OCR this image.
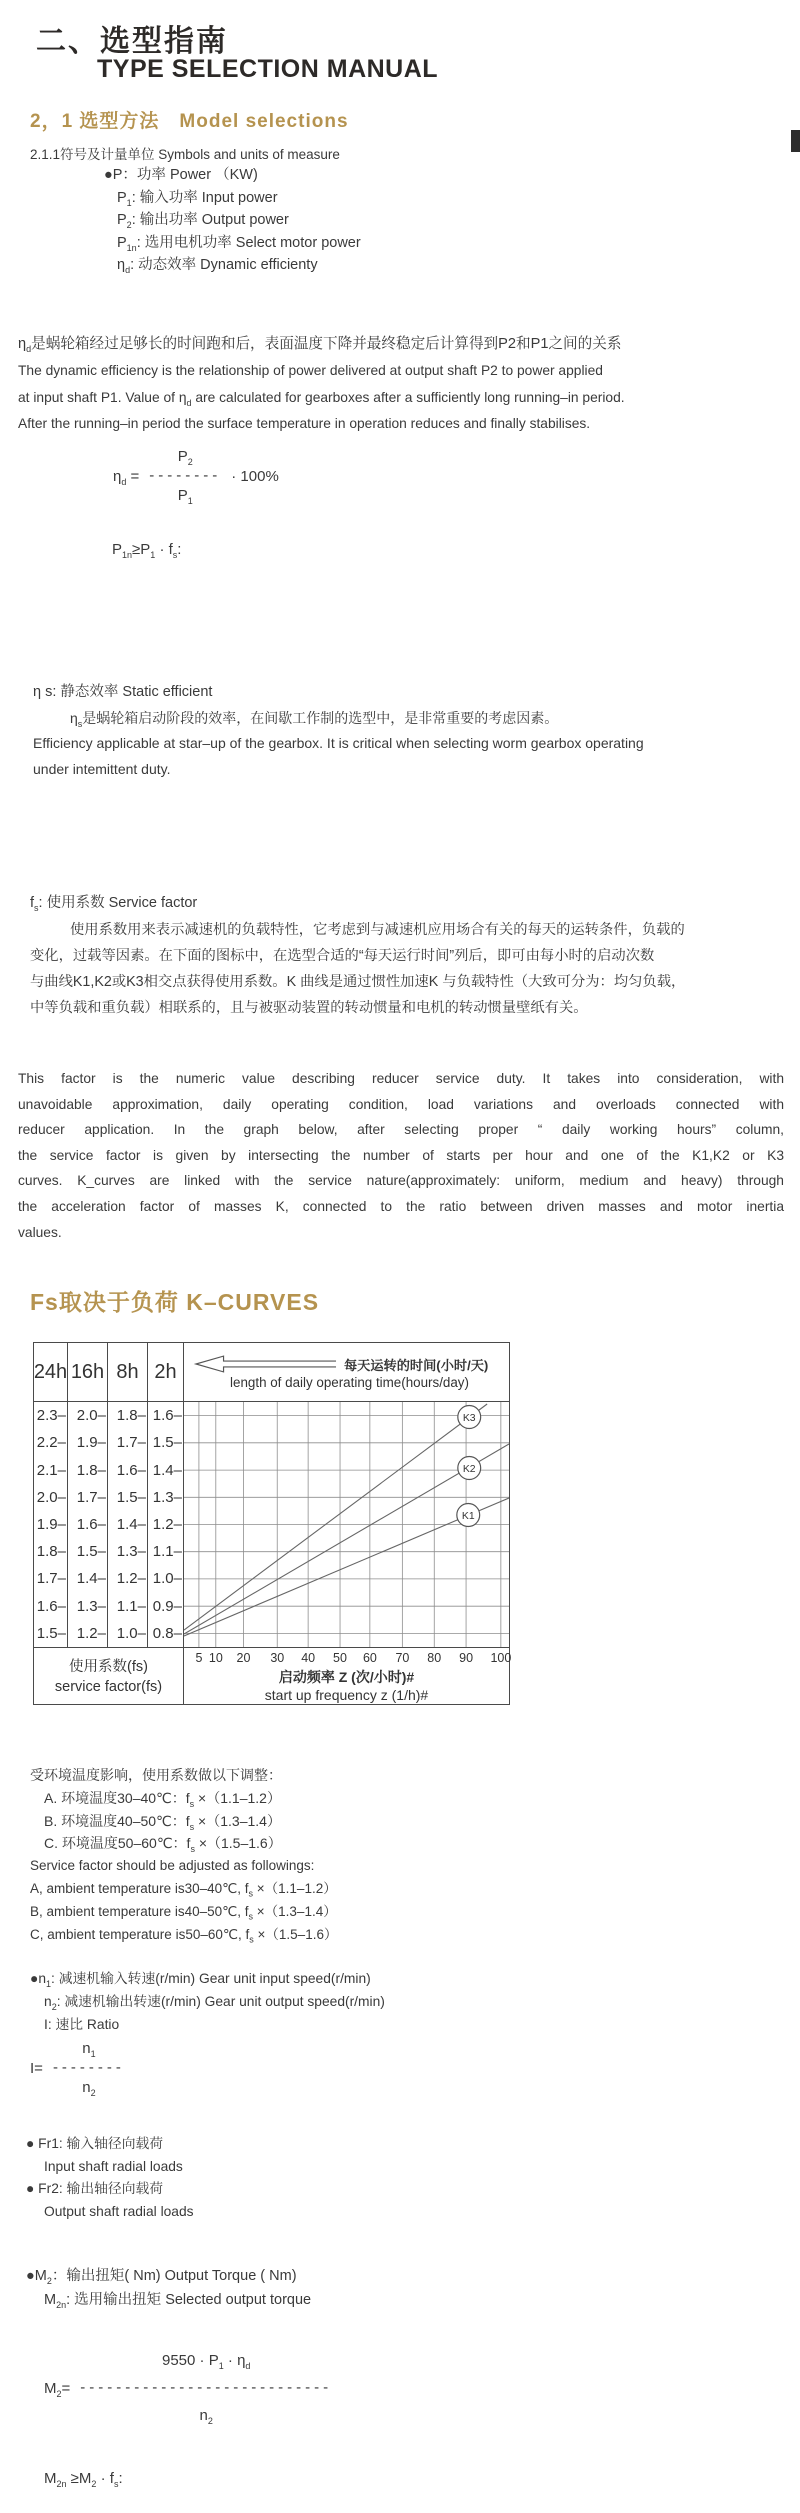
二、选型指南
TYPE SELECTION MANUAL
2，1 选型方法　Model selections
2.1.1符号及计量单位 Symbols and units of measure
●P：功率 Power （KW)
$P_1$: 输入功率 Input power
$P_2$: 输出功率 Output power
$P_{1n}$: 选用电机功率 Select motor power
$\eta_d$: 动态效率 Dynamic efficienty
$\eta_d$是蜗轮箱经过足够长的时间跑和后，表面温度下降并最终稳定后计算得到P2和P1之间的关系
The dynamic efficiency is the relationship of power delivered at output shaft P2 to power applied
at input shaft P1. Value of $\eta_d$ are calculated for gearboxes after a sufficiently long running–in period.
After the running–in period the surface temperature in operation reduces and finally stabilises.
$\eta_d$ =
$P_2$
--------
$P_1$
· 100%
$P_{1n}\ge P_1 \cdot f_s$:
η s: 静态效率 Static efficient
$\eta_s$是蜗轮箱启动阶段的效率，在间歇工作制的选型中，是非常重要的考虑因素。
Efficiency applicable at star–up of the gearbox. It is critical when selecting worm gearbox operating
under intemittent duty.
$f_s$: 使用系数 Service factor
使用系数用来表示减速机的负载特性，它考虑到与减速机应用场合有关的每天的运转条件，负载的
变化，过载等因素。在下面的图标中，在选型合适的“每天运行时间”列后，即可由每小时的启动次数
与曲线K1,K2或K3相交点获得使用系数。K 曲线是通过惯性加速K 与负载特性（大致可分为：均匀负载，
中等负载和重负载）相联系的，且与被驱动装置的转动惯量和电机的转动惯量壁纸有关。
This factor is the numeric value describing reducer service duty. It takes into consideration, with
unavoidable approximation, daily operating condition, load variations and overloads connected with
reducer application. In the graph below, after selecting proper “ daily working hours” column,
the service factor is given by intersecting the number of starts per hour and one of the K1,K2 or K3
curves. K_curves are linked with the service nature(approximately: uniform, medium and heavy) through
the acceleration factor of masses K, connected to the ratio between driven masses and motor inertia
values.
Fs取决于负荷 K–CURVES
24h 16h 8h 2h	每天运转的时间(小时/天)
length of daily operating time(hours/day)
2.3–
2.2–
2.1–
2.0–
1.9–
1.8–
1.7–
1.6–
1.5–
2.0–
1.9–
1.8–
1.7–
1.6–
1.5–
1.4–
1.3–
1.2–
1.8–
1.7–
1.6–
1.5–
1.4–
1.3–
1.2–
1.1–
1.0–
1.6–
1.5–
1.4–
1.3–
1.2–
1.1–
1.0–
0.9–
0.8–
K3
K2
K1
使用系数(fs)
service factor(fs)
5 10 20 30 40 50 60 70 80 90 100
启动频率 Z (次/小时)#
start up frequency z (1/h)#
受环境温度影响，使用系数做以下调整：
A. 环境温度30–40℃：$f_s \times(1.1-1.2)$
B. 环境温度40–50℃：$f_s \times(1.3-1.4)$
C. 环境温度50–60℃：$f_s \times(1.5-1.6)$
Service factor should be adjusted as followings:
A, ambient temperature is30–40℃, $f_s \times(1.1-1.2)$
B, ambient temperature is40–50℃, $f_s \times(1.3-1.4)$
C, ambient temperature is50–60℃, $f_s \times(1.5-1.6)$
$●n_1$: 减速机输入转速(r/min) Gear unit input speed(r/min)
$n_2$: 减速机输出转速(r/min) Gear unit output speed(r/min)
I: 速比 Ratio
I=
$n_1$
--------
$n_2$
● Fr1: 输入轴径向载荷
Input shaft radial loads
● Fr2: 输出轴径向载荷
Output shaft radial loads
$●M_2$：输出扭矩( Nm) Output Torque ( Nm)
$M_{2n}$: 选用输出扭矩 Selected output torque
$M_2=$
$9550 \cdot P_1 \cdot \eta_d$
----------------------------
$n_2$
$M_{2n} \ge M_2 \cdot f_s$:
